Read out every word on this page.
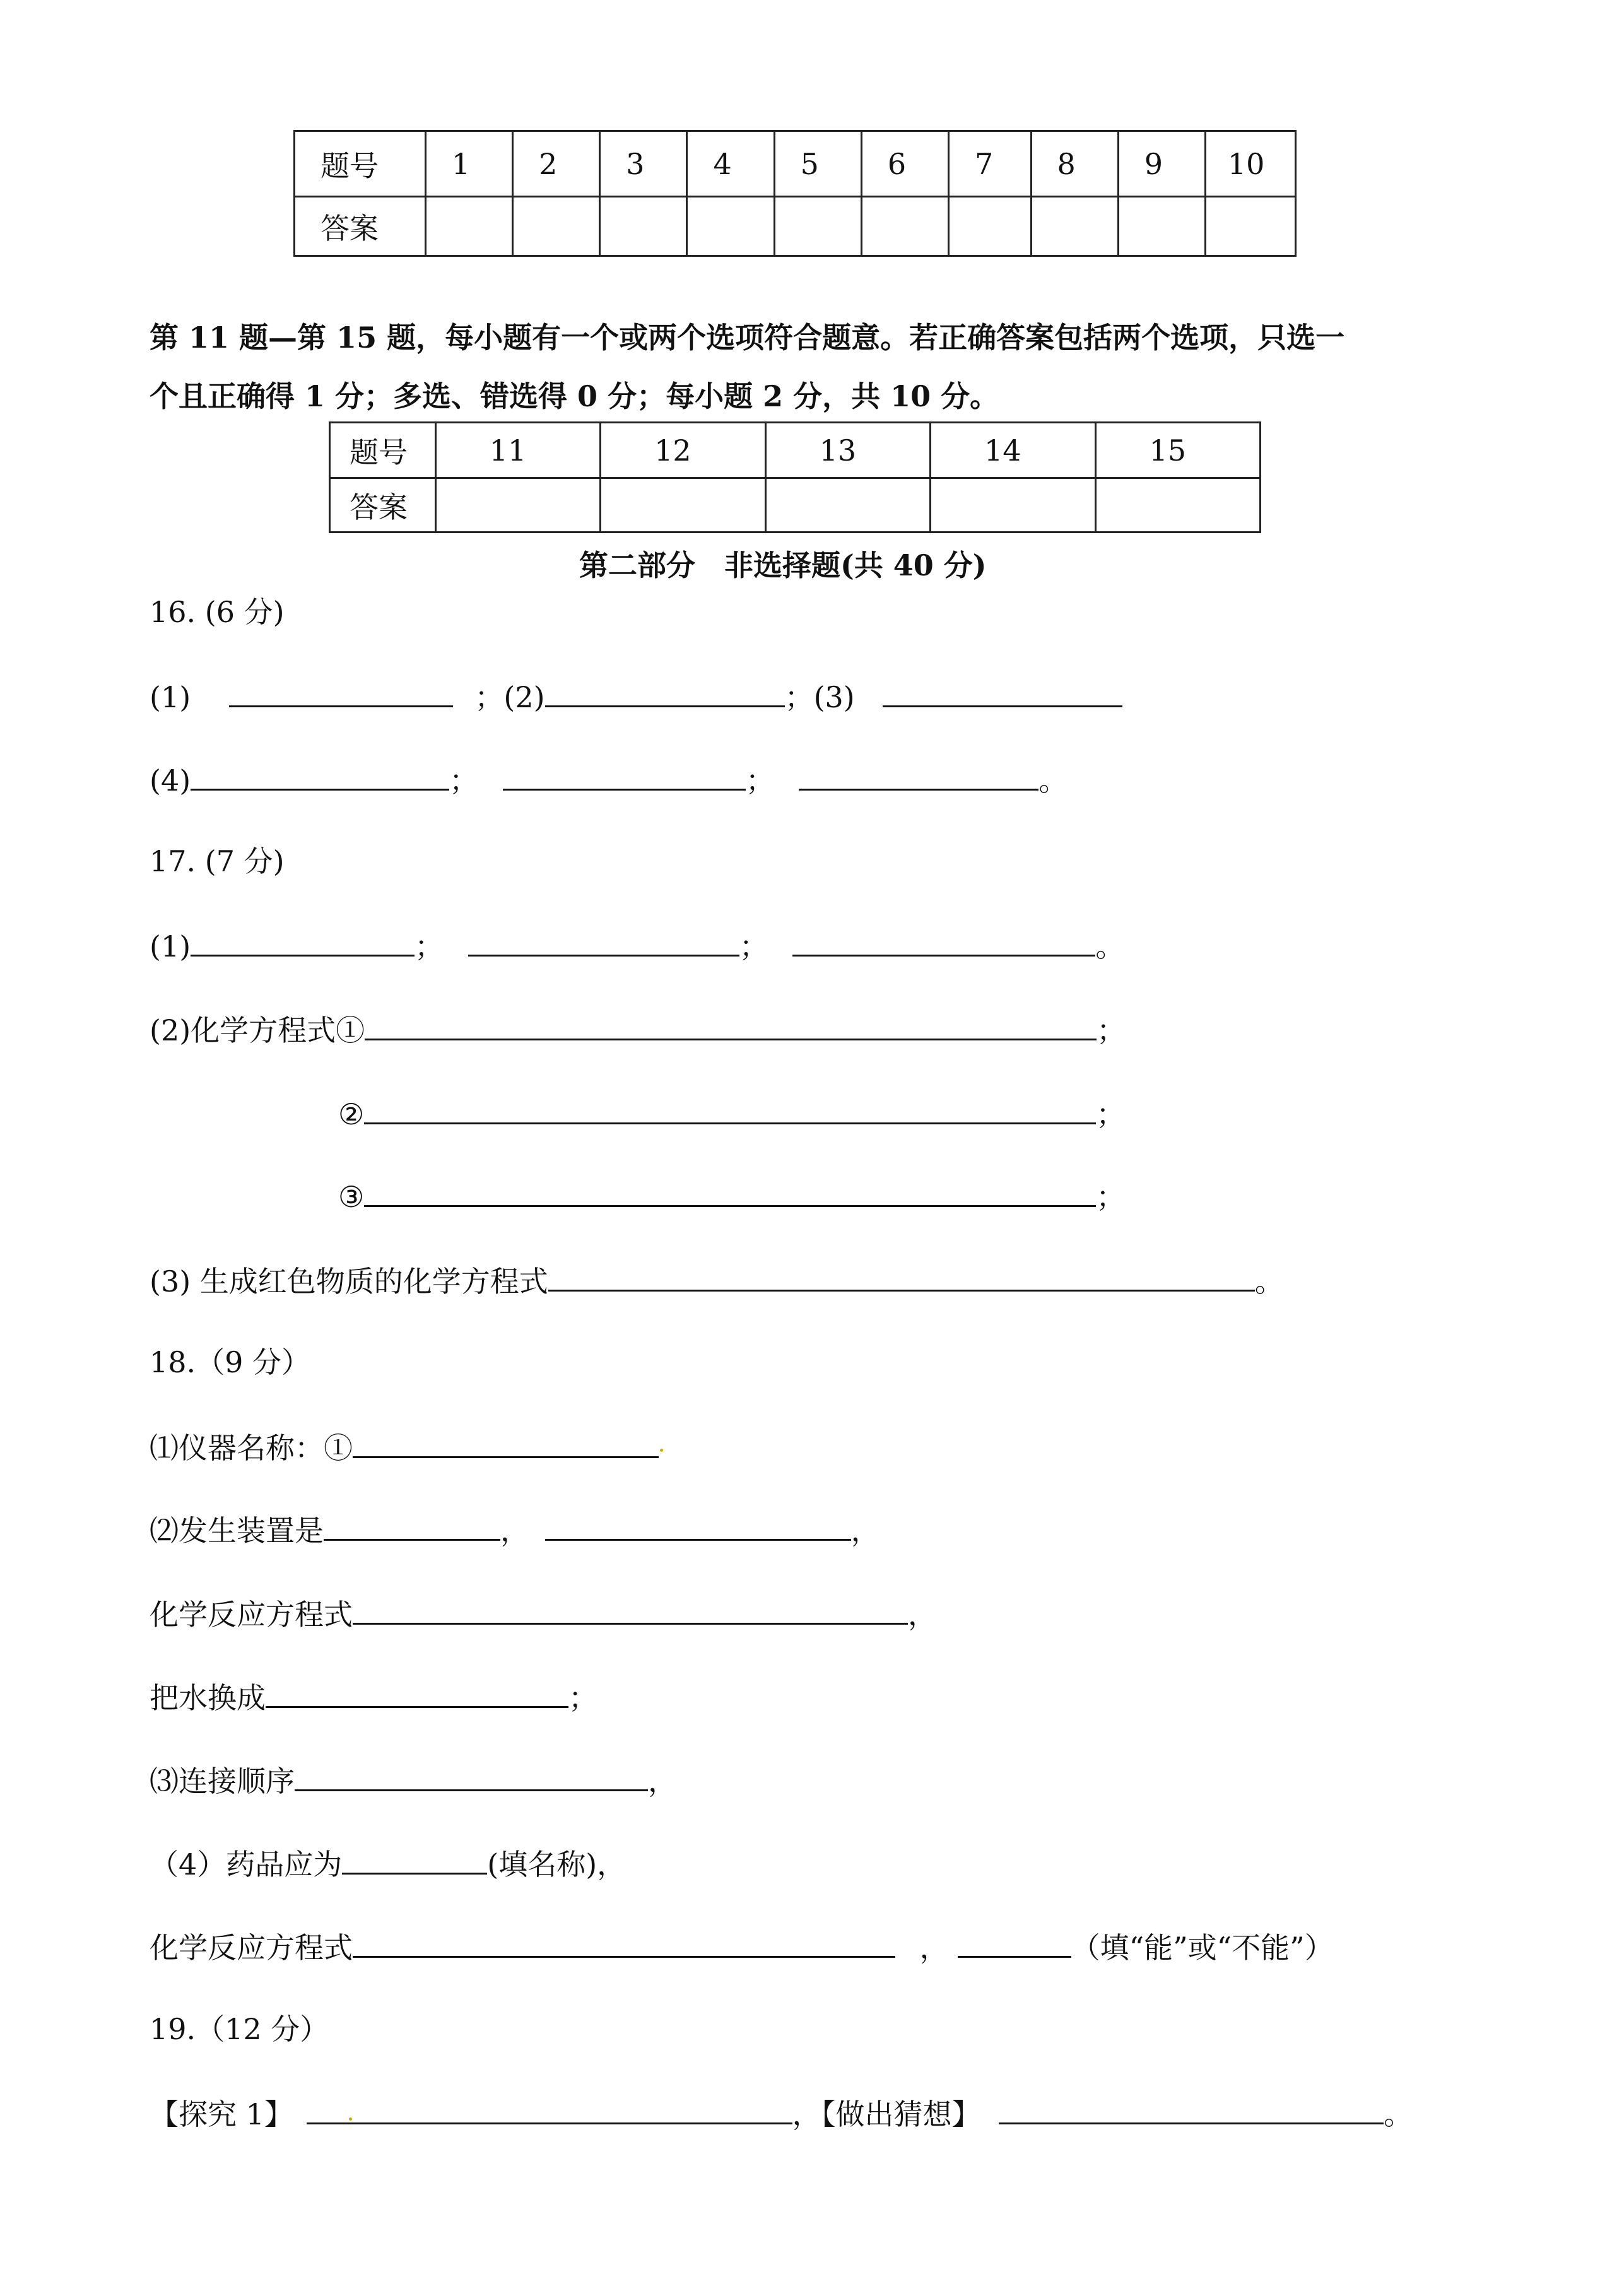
题号	1	2	3	4	5	6	7	8	9	10
答案										
第 11 题—第 15 题，每小题有一个或两个选项符合题意。若正确答案包括两个选项，只选一
个且正确得 1 分；多选、错选得 0 分；每小题 2 分，共 10 分。
题号	11	12	13	14	15
答案					
第二部分　非选择题(共 40 分)
16. (6 分)
(1)	；(2)	；(3)
(4)	；	；	。
17. (7 分)
(1)	；	；	。
(2)化学方程式①	；
②	；
③	；
(3) 生成红色物质的化学方程式	。
18.（9 分）
⑴仪器名称：①
⑵发生装置是	，	，
化学反应方程式	，
把水换成	；
⑶连接顺序	，
（4）药品应为	(填名称)，
化学反应方程式	，	（填“能”或“不能”）
19.（12 分）
【探究 1】	，【做出猜想】	。
